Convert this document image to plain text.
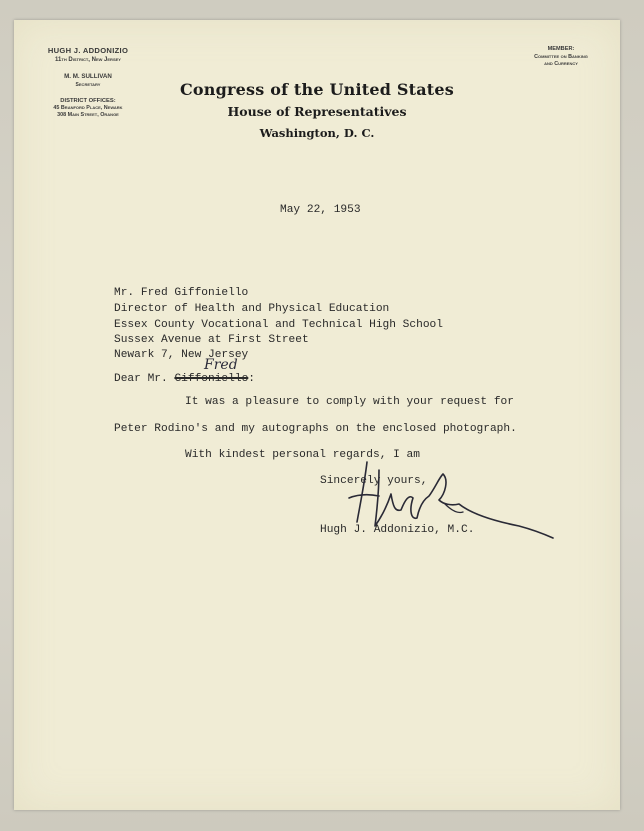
HUGH J. ADDONIZIO
11th District, New Jersey
M. M. SULLIVAN
Secretary
DISTRICT OFFICES:
45 Branford Place, Newark
308 Main Street, Orange
MEMBER:
Committee on Banking
and Currency
Congress of the United States
House of Representatives
Washington, D. C.
May 22, 1953
Mr. Fred Giffoniello
Director of Health and Physical Education
Essex County Vocational and Technical High School
Sussex Avenue at First Street
Newark 7, New Jersey
Dear Mr. Giffoniello:
Fred
It was a pleasure to comply with your request for
Peter Rodino's and my autographs on the enclosed photograph.
With kindest personal regards, I am
Sincerely yours,
Hugh J. Addonizio, M.C.
